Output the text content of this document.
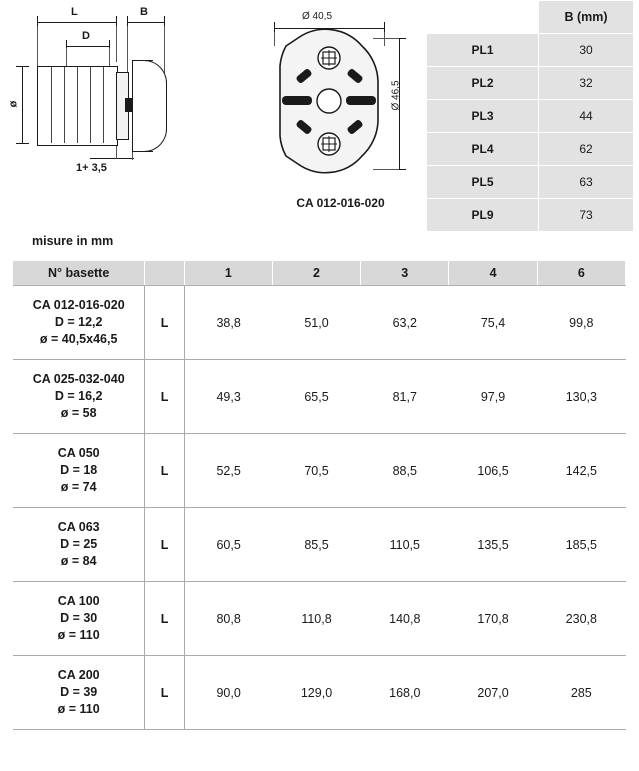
L	B
D
ø
1+ 3,5
Ø 40,5
Ø 46,5
CA 012-016-020
	B (mm)
PL1	30
PL2	32
PL3	44
PL4	62
PL5	63
PL9	73
misure in mm
N° basette		1	2	3	4	6

CA 012-016-020
D = 12,2
ø = 40,5x46,5	L	38,8	51,0	63,2	75,4	99,8

CA 025-032-040
D = 16,2
ø = 58	L	49,3	65,5	81,7	97,9	130,3

CA 050
D = 18
ø = 74	L	52,5	70,5	88,5	106,5	142,5

CA 063
D = 25
ø = 84	L	60,5	85,5	110,5	135,5	185,5

CA 100
D = 30
ø = 110	L	80,8	110,8	140,8	170,8	230,8

CA 200
D = 39
ø = 110	L	90,0	129,0	168,0	207,0	285
